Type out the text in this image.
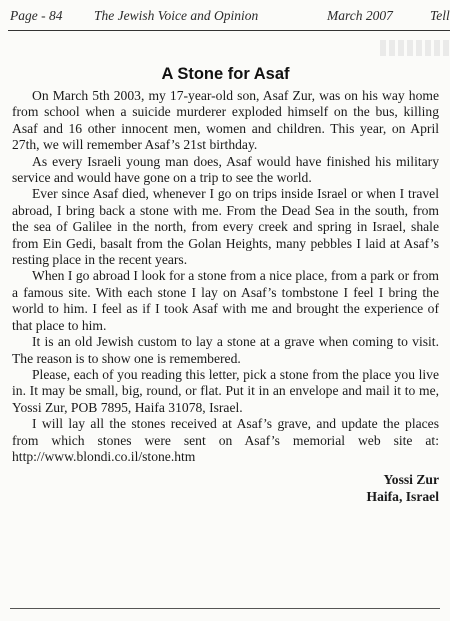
Page - 84 The Jewish Voice and Opinion	March 2007	Tell
A Stone for Asaf

On March 5th 2003, my 17-year-old son, Asaf Zur, was on his way home from school when a suicide murderer exploded himself on the bus, killing Asaf and 16 other innocent men, women and children. This year, on April 27th, we will remember Asaf’s 21st birthday.

As every Israeli young man does, Asaf would have finished his military service and would have gone on a trip to see the world.

Ever since Asaf died, whenever I go on trips inside Israel or when I travel abroad, I bring back a stone with me. From the Dead Sea in the south, from the sea of Galilee in the north, from every creek and spring in Israel, shale from Ein Gedi, basalt from the Golan Heights, many pebbles I laid at Asaf’s resting place in the recent years.

When I go abroad I look for a stone from a nice place, from a park or from a famous site. With each stone I lay on Asaf’s tombstone I feel I bring the world to him. I feel as if I took Asaf with me and brought the experience of that place to him.

It is an old Jewish custom to lay a stone at a grave when coming to visit. The reason is to show one is remembered.

Please, each of you reading this letter, pick a stone from the place you live in. It may be small, big, round, or flat. Put it in an envelope and mail it to me, Yossi Zur, POB 7895, Haifa 31078, Israel.

I will lay all the stones received at Asaf’s grave, and update the places from which stones were sent on Asaf’s memorial web site at: http://www.blondi.co.il/stone.htm

Yossi Zur
Haifa, Israel
